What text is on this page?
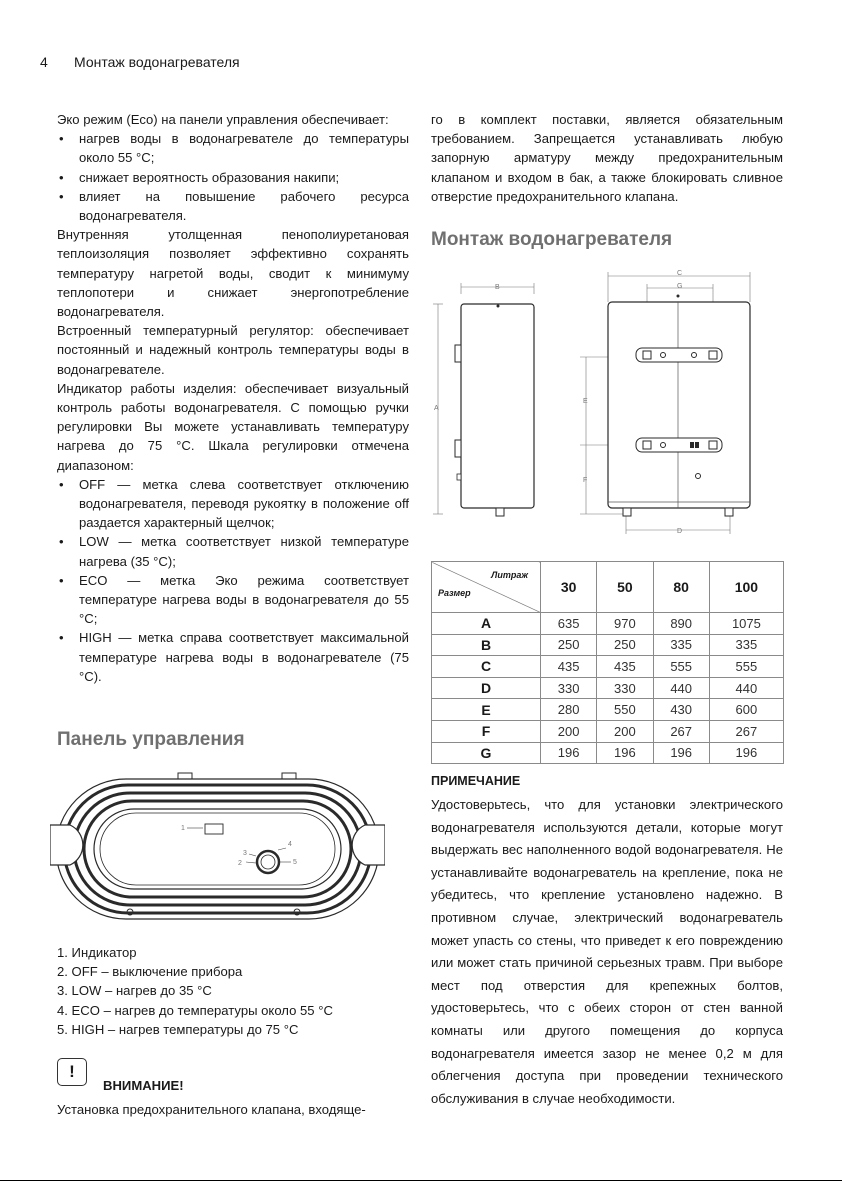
4 Монтаж водонагревателя

Эко режим (Eco) на панели управления обеспечивает:

• нагрев воды в водонагревателе до температуры около 55 °C;
• снижает вероятность образования накипи;
• влияет на повышение рабочего ресурса водонагревателя.

Внутренняя утолщенная пенополиуретановая теплоизоляция позволяет эффективно сохранять температуру нагретой воды, сводит к минимуму теплопотери и снижает энергопотребление водонагревателя.

Встроенный температурный регулятор: обеспечивает постоянный и надежный контроль температуры воды в водонагревателе.

Индикатор работы изделия: обеспечивает визуальный контроль работы водонагревателя. С помощью ручки регулировки Вы можете устанавливать температуру нагрева до 75 °C. Шкала регулировки отмечена диапазоном:

• OFF — метка слева соответствует отключению водонагревателя, переводя рукоятку в положение off раздается характерный щелчок;
• LOW — метка соответствует низкой температуре нагрева (35 °C);
• ECO — метка Эко режима соответствует температуре нагрева воды в водонагревателя до 55 °C;
• HIGH — метка справа соответствует максимальной температуре нагрева воды в водонагревателе (75 °C).
Панель управления
1
2
3
4
5
1. Индикатор
2. OFF – выключение прибора
3. LOW – нагрев до 35 °C
4. ECO – нагрев до температуры около 55 °C
5. HIGH – нагрев температуры до 75 °C
!
ВНИМАНИЕ!
Установка предохранительного клапана, входяще-

го в комплект поставки, является обязательным требованием. Запрещается устанавливать любую запорную арматуру между предохранительным клапаном и входом в бак, а также блокировать сливное отверстие предохранительного клапана.

Монтаж водонагревателя
A
B
C
G
E
F
D
Литраж
Размер	30	50	80	100
A	635	970	890	1075
B	250	250	335	335
C	435	435	555	555
D	330	330	440	440
E	280	550	430	600
F	200	200	267	267
G	196	196	196	196
ПРИМЕЧАНИЕ
Удостоверьтесь, что для установки электрического водонагревателя используются детали, которые могут выдержать вес наполненного водой водонагревателя. Не устанавливайте водонагреватель на крепление, пока не убедитесь, что крепление установлено надежно. В противном случае, электрический водонагреватель может упасть со стены, что приведет к его повреждению или может стать причиной серьезных травм. При выборе мест под отверстия для крепежных болтов, удостоверьтесь, что с обеих сторон от стен ванной комнаты или другого помещения до корпуса водонагревателя имеется зазор не менее 0,2 м для облегчения доступа при проведении технического обслуживания в случае необходимости.
